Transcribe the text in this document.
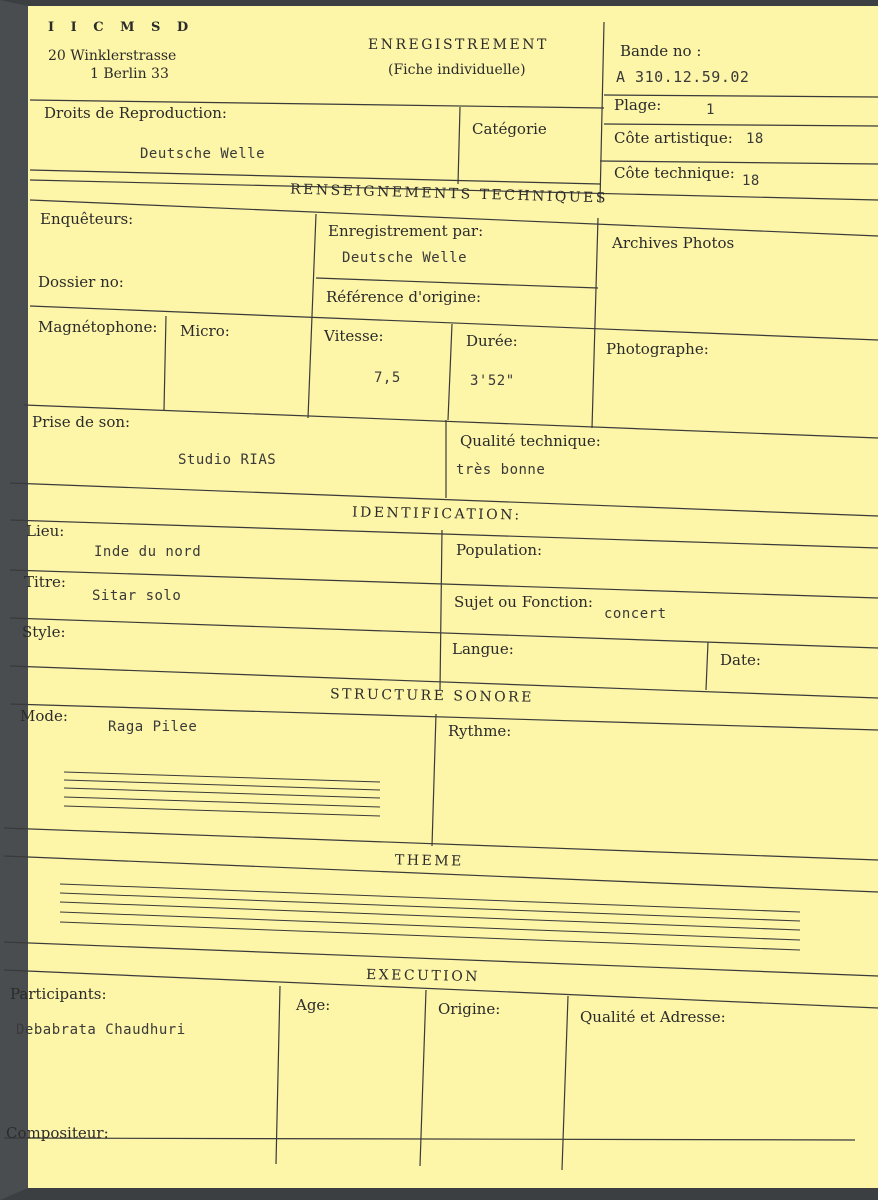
I I C M S D
20 Winklerstrasse
1 Berlin 33
ENREGISTREMENT
(Fiche individuelle)
Bande no :
A 310.12.59.02
Plage:	1
Droits de Reproduction:
Deutsche Welle
Catégorie	Côte artistique: 18
Côte technique: 18
RENSEIGNEMENTS TECHNIQUES
Enquêteurs:
Dossier no:
Enregistrement par:
Deutsche Welle
Référence d'origine:
Archives Photos
Magnétophone: Micro:	Vitesse:
7,5
Durée:
3'52"
Photographe:
Prise de son:
Studio RIAS
Qualité technique:
très bonne
IDENTIFICATION:
Lieu:
Inde du nord	Population:
Titre:
Sitar solo	Sujet ou Fonction:
concert
Style:
Langue:
Date:
STRUCTURE SONORE
Mode:
Raga Pilee	Rythme:
THEME
EXECUTION
Participants:
Debabrata Chaudhuri
Age:	Origine:	Qualité et Adresse:
Compositeur:
